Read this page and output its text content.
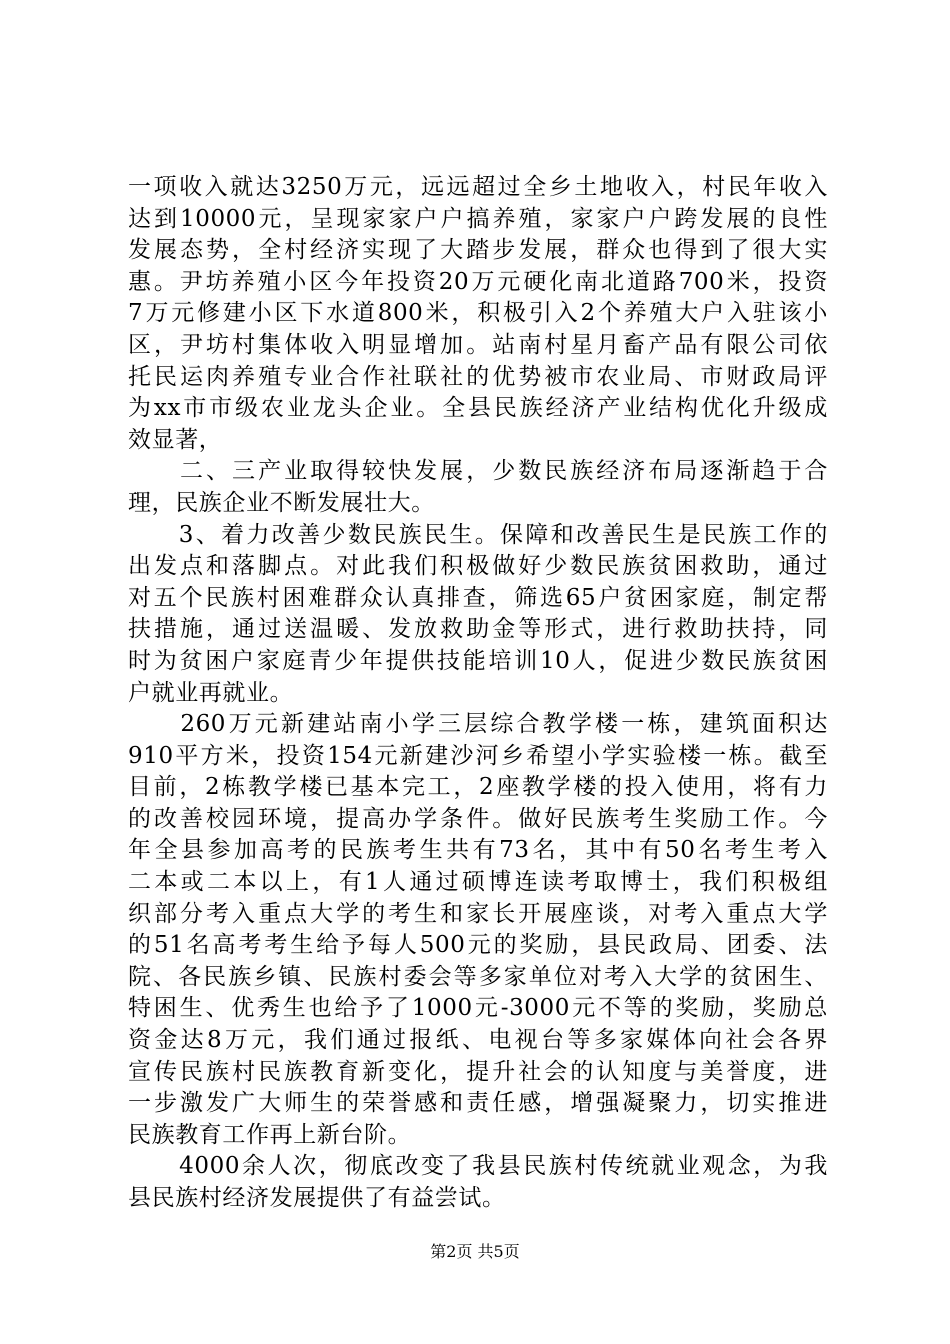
一项收入就达3250万元，远远超过全乡土地收入，村民年收入
达到10000元，呈现家家户户搞养殖，家家户户跨发展的良性
发展态势，全村经济实现了大踏步发展，群众也得到了很大实
惠。尹坊养殖小区今年投资20万元硬化南北道路700米，投资
7万元修建小区下水道800米，积极引入2个养殖大户入驻该小
区，尹坊村集体收入明显增加。站南村星月畜产品有限公司依
托民运肉养殖专业合作社联社的优势被市农业局、市财政局评
为xx市市级农业龙头企业。全县民族经济产业结构优化升级成
效显著，
　　二、三产业取得较快发展，少数民族经济布局逐渐趋于合
理，民族企业不断发展壮大。
　　3、着力改善少数民族民生。保障和改善民生是民族工作的
出发点和落脚点。对此我们积极做好少数民族贫困救助，通过
对五个民族村困难群众认真排查，筛选65户贫困家庭，制定帮
扶措施，通过送温暖、发放救助金等形式，进行救助扶持，同
时为贫困户家庭青少年提供技能培训10人，促进少数民族贫困
户就业再就业。
　　260万元新建站南小学三层综合教学楼一栋，建筑面积达
910平方米，投资154元新建沙河乡希望小学实验楼一栋。截至
目前，2栋教学楼已基本完工，2座教学楼的投入使用，将有力
的改善校园环境，提高办学条件。做好民族考生奖励工作。今
年全县参加高考的民族考生共有73名，其中有50名考生考入
二本或二本以上，有1人通过硕博连读考取博士，我们积极组
织部分考入重点大学的考生和家长开展座谈，对考入重点大学
的51名高考考生给予每人500元的奖励，县民政局、团委、法
院、各民族乡镇、民族村委会等多家单位对考入大学的贫困生、
特困生、优秀生也给予了1000元-3000元不等的奖励，奖励总
资金达8万元，我们通过报纸、电视台等多家媒体向社会各界
宣传民族村民族教育新变化，提升社会的认知度与美誉度，进
一步激发广大师生的荣誉感和责任感，增强凝聚力，切实推进
民族教育工作再上新台阶。
　　4000余人次，彻底改变了我县民族村传统就业观念，为我
县民族村经济发展提供了有益尝试。
第2页 共5页
